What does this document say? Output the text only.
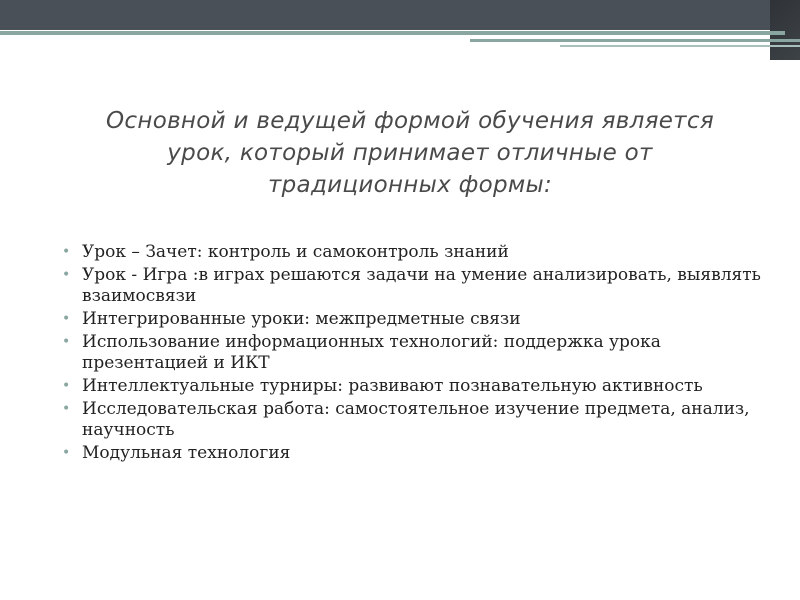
Основной и ведущей формой обучения является
урок, который принимает отличные от
традиционных формы:
• Урок – Зачет: контроль и самоконтроль знаний
• Урок - Игра :в играх решаются задачи на умение анализировать, выявлять взаимосвязи
• Интегрированные уроки: межпредметные связи
• Использование информационных технологий: поддержка урока презентацией и ИКТ
• Интеллектуальные турниры: развивают познавательную активность
• Исследовательская работа: самостоятельное изучение предмета, анализ, научность
• Модульная технология
